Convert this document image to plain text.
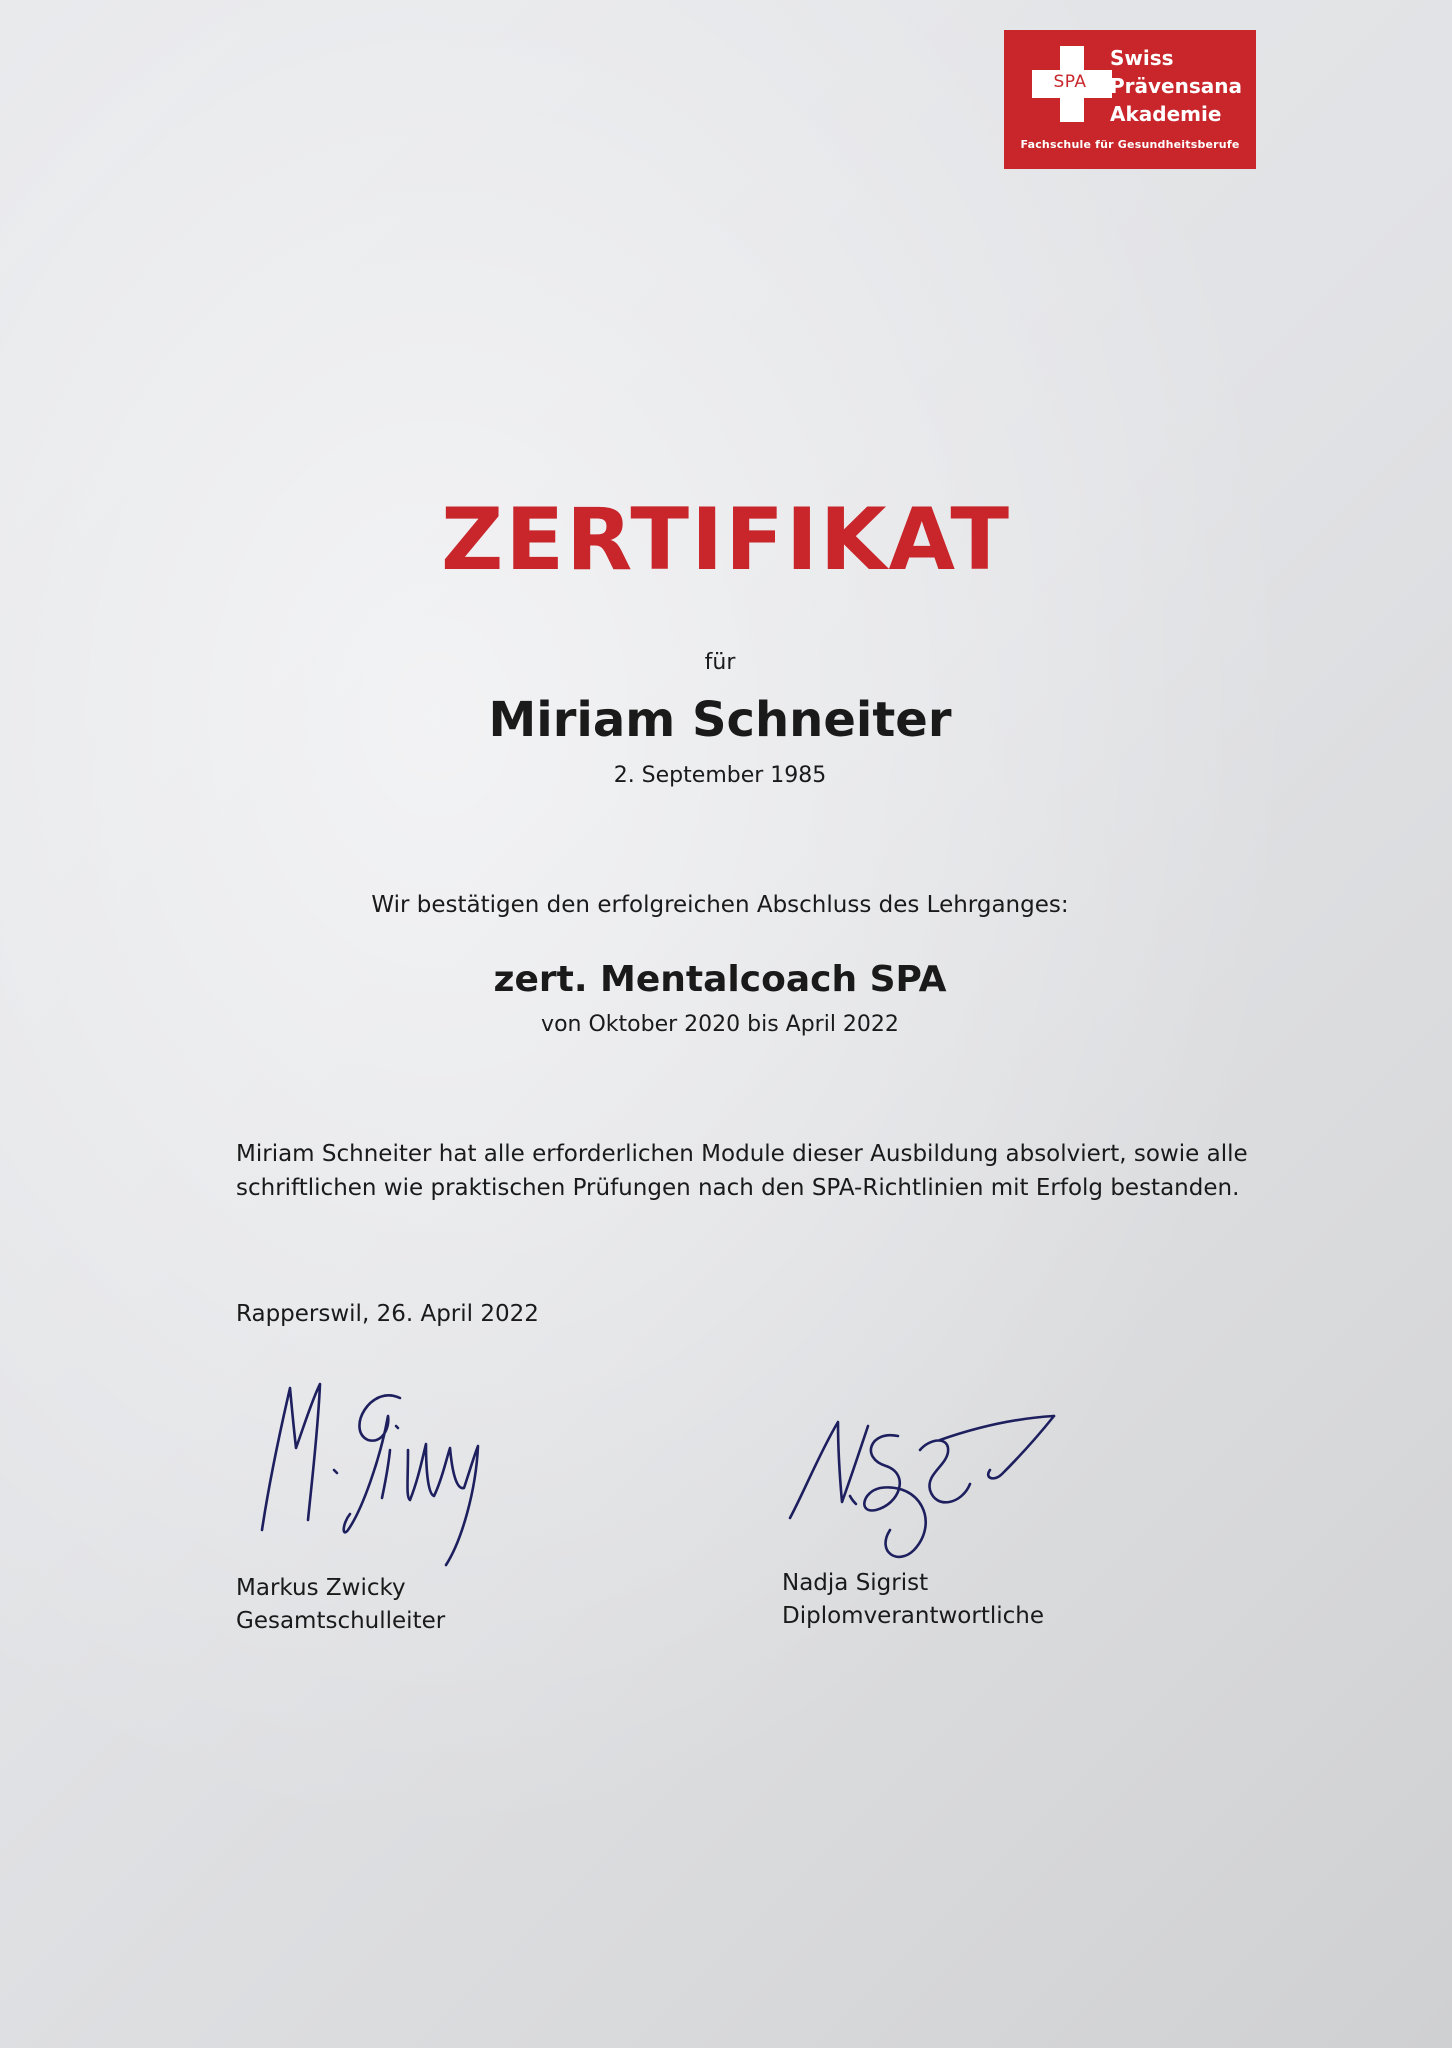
SPA
Swiss
Prävensana
Akademie
Fachschule für Gesundheitsberufe
ZERTIFIKAT
für
Miriam Schneiter
2. September 1985
Wir bestätigen den erfolgreichen Abschluss des Lehrganges:
zert. Mentalcoach SPA
von Oktober 2020 bis April 2022
Miriam Schneiter hat alle erforderlichen Module dieser Ausbildung absolviert, sowie alle
schriftlichen wie praktischen Prüfungen nach den SPA-Richtlinien mit Erfolg bestanden.
Rapperswil, 26. April 2022
Markus Zwicky
Gesamtschulleiter
Nadja Sigrist
Diplomverantwortliche
